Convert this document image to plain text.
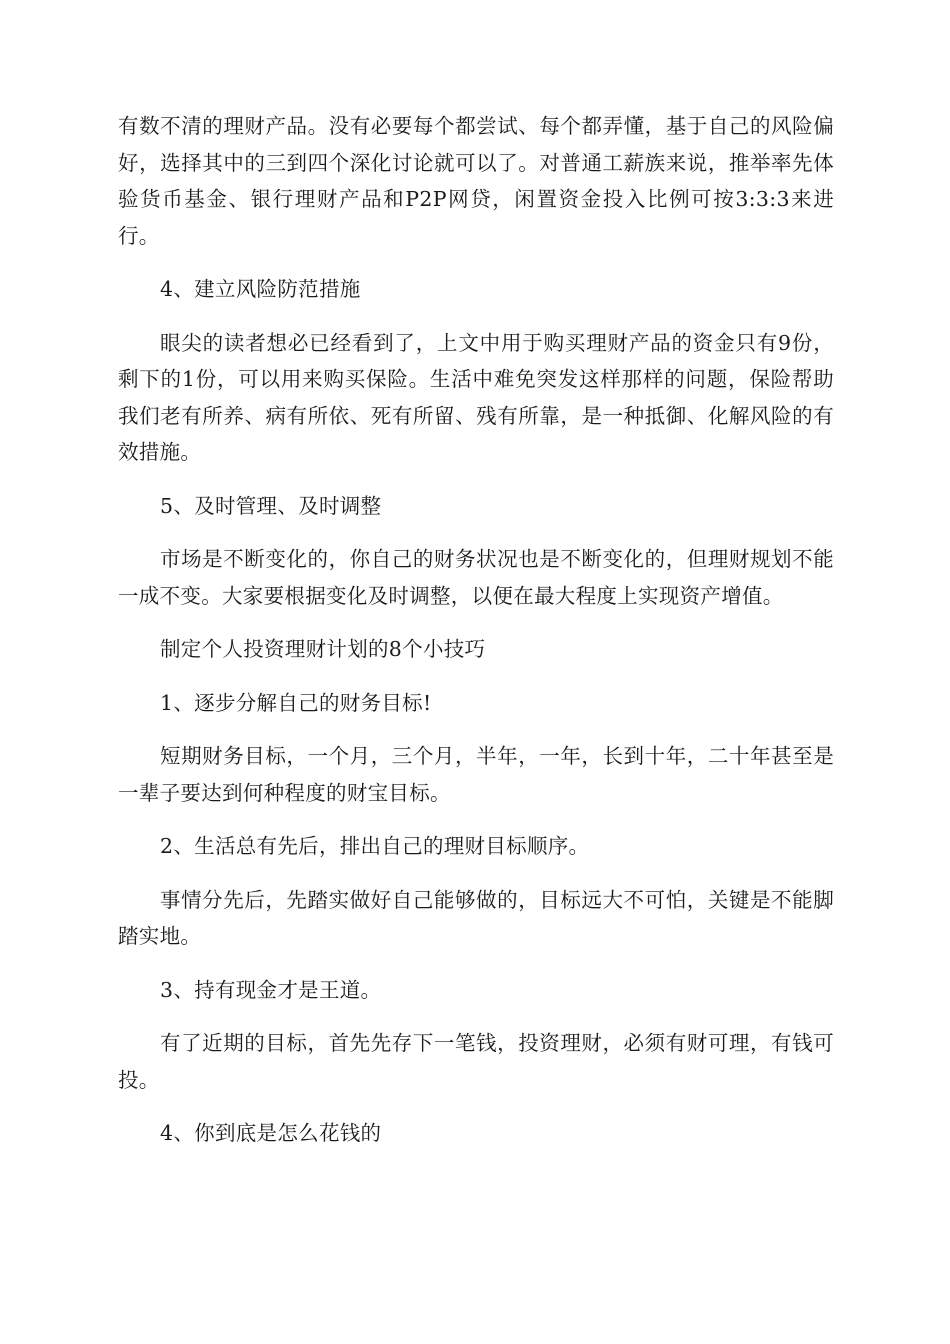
有数不清的理财产品。没有必要每个都尝试、每个都弄懂，基于自己的风险偏好，选择其中的三到四个深化讨论就可以了。对普通工薪族来说，推举率先体验货币基金、银行理财产品和P2P网贷，闲置资金投入比例可按3:3:3来进行。

4、建立风险防范措施

眼尖的读者想必已经看到了，上文中用于购买理财产品的资金只有9份，剩下的1份，可以用来购买保险。生活中难免突发这样那样的问题，保险帮助我们老有所养、病有所依、死有所留、残有所靠，是一种抵御、化解风险的有效措施。

5、及时管理、及时调整

市场是不断变化的，你自己的财务状况也是不断变化的，但理财规划不能一成不变。大家要根据变化及时调整，以便在最大程度上实现资产增值。

制定个人投资理财计划的8个小技巧

1、逐步分解自己的财务目标!

短期财务目标，一个月，三个月，半年，一年，长到十年，二十年甚至是一辈子要达到何种程度的财宝目标。

2、生活总有先后，排出自己的理财目标顺序。

事情分先后，先踏实做好自己能够做的，目标远大不可怕，关键是不能脚踏实地。

3、持有现金才是王道。

有了近期的目标，首先先存下一笔钱，投资理财，必须有财可理，有钱可投。

4、你到底是怎么花钱的
